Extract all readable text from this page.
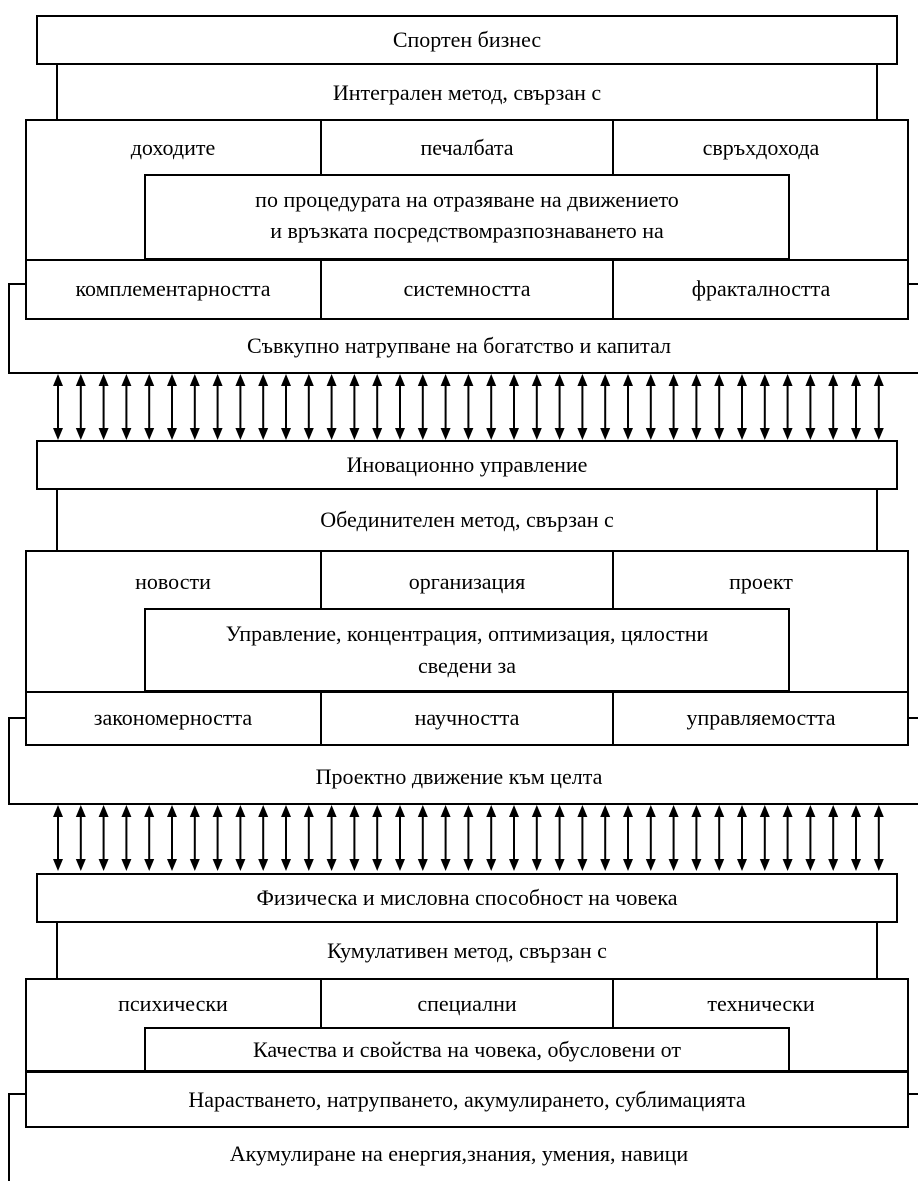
Спортен бизнес
Интегрален метод, свързан с
доходите	печалбата	свръхдохода
по процедурата на отразяване на движението
и връзката посредствомразпознаването на
комплементарността	системността	фракталността
Съвкупно натрупване на богатство и капитал
Иновационно управление
Обединителен метод, свързан с
новости	организация	проект
Управление, концентрация, оптимизация, цялостни
сведени за
закономерността	научността	управляемостта
Проектно движение към целта
Физическа и мисловна способност на човека
Кумулативен метод, свързан с
психически	специални	технически
Качества и свойства на човека, обусловени от
Нарастването, натрупването, акумулирането, сублимацията
Акумулиране на енергия,знания, умения, навици
